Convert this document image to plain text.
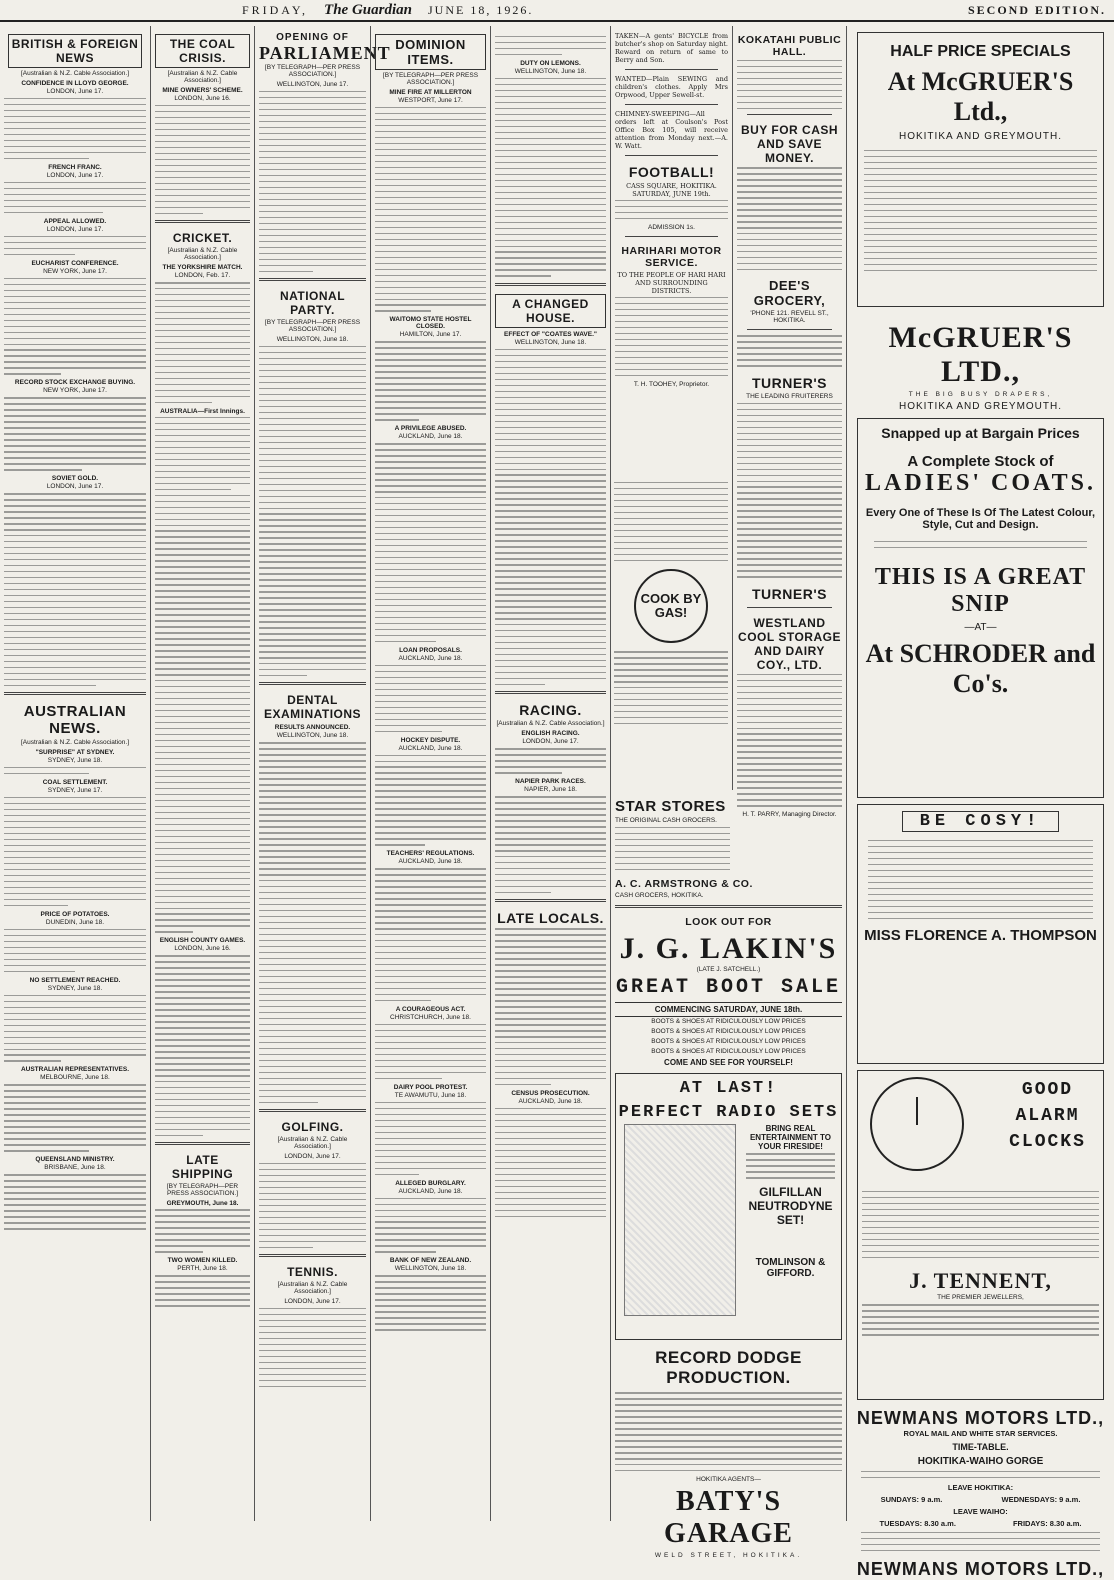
FRIDAY,	The Guardian	JUNE 18, 1926.	SECOND EDITION.
BRITISH & FOREIGN NEWS
[Australian & N.Z. Cable Association.]
CONFIDENCE IN LLOYD GEORGE.
LONDON, June 17.
FRENCH FRANC.
LONDON, June 17.
APPEAL ALLOWED.
LONDON, June 17.
EUCHARIST CONFERENCE.
NEW YORK, June 17.
RECORD STOCK EXCHANGE BUYING.
NEW YORK, June 17.
SOVIET GOLD.
LONDON, June 17.
AUSTRALIAN NEWS.
[Australian & N.Z. Cable Association.]
"SURPRISE" AT SYDNEY.
SYDNEY, June 18.
COAL SETTLEMENT.
SYDNEY, June 17.
PRICE OF POTATOES.
DUNEDIN, June 18.
NO SETTLEMENT REACHED.
SYDNEY, June 18.
AUSTRALIAN REPRESENTATIVES.
MELBOURNE, June 18.
QUEENSLAND MINISTRY.
BRISBANE, June 18.
THE COAL CRISIS.
[Australian & N.Z. Cable Association.]
MINE OWNERS' SCHEME.
LONDON, June 16.
CRICKET.
[Australian & N.Z. Cable Association.]
THE YORKSHIRE MATCH.
LONDON, Feb. 17.
AUSTRALIA—First Innings.
ENGLISH COUNTY GAMES.
LONDON, June 16.
LATE SHIPPING
[BY TELEGRAPH—PER PRESS ASSOCIATION.]
GREYMOUTH, June 18.
TWO WOMEN KILLED.
PERTH, June 18.
OPENING OF
PARLIAMENT
[BY TELEGRAPH—PER PRESS ASSOCIATION.]
WELLINGTON, June 17.
NATIONAL PARTY.
[BY TELEGRAPH—PER PRESS ASSOCIATION.]
WELLINGTON, June 18.
DENTAL EXAMINATIONS
RESULTS ANNOUNCED.
WELLINGTON, June 18.
GOLFING.
[Australian & N.Z. Cable Association.]
LONDON, June 17.
TENNIS.
[Australian & N.Z. Cable Association.]
LONDON, June 17.
DOMINION ITEMS.
[BY TELEGRAPH—PER PRESS ASSOCIATION.]
MINE FIRE AT MILLERTON
WESTPORT, June 17.
WAITOMO STATE HOSTEL CLOSED.
HAMILTON, June 17.
A PRIVILEGE ABUSED.
AUCKLAND, June 18.
LOAN PROPOSALS.
AUCKLAND, June 18.
HOCKEY DISPUTE.
AUCKLAND, June 18.
TEACHERS' REGULATIONS.
AUCKLAND, June 18.
A COURAGEOUS ACT.
CHRISTCHURCH, June 18.
DAIRY POOL PROTEST.
TE AWAMUTU, June 18.
ALLEGED BURGLARY.
AUCKLAND, June 18.
BANK OF NEW ZEALAND.
WELLINGTON, June 18.
DUTY ON LEMONS.
WELLINGTON, June 18.
A CHANGED HOUSE.
EFFECT OF "COATES WAVE."
WELLINGTON, June 18.
RACING.
[Australian & N.Z. Cable Association.]
ENGLISH RACING.
LONDON, June 17.
NAPIER PARK RACES.
NAPIER, June 18.
LATE LOCALS.
CENSUS PROSECUTION.
AUCKLAND, June 18.

TAKEN—A gents' BICYCLE from butcher's shop on Saturday night. Reward on return of same to Berry and Son.

WANTED—Plain SEWING and children's clothes. Apply Mrs Orpwood, Upper Sewell-st.

CHIMNEY-SWEEPING—All orders left at Coulson's Post Office Box 105, will receive attention from Monday next.—A. W. Watt.

FOOTBALL!

CASS SQUARE, HOKITIKA. SATURDAY, JUNE 19th.

ADMISSION 1s.
HARIHARI MOTOR SERVICE.

TO THE PEOPLE OF HARI HARI AND SURROUNDING DISTRICTS.

T. H. TOOHEY, Proprietor.
COOK BY GAS!
STAR STORES
THE ORIGINAL CASH GROCERS.
A. C. ARMSTRONG & CO.
CASH GROCERS, HOKITIKA.
LOOK OUT FOR
J. G. LAKIN'S
(LATE J. SATCHELL.)
GREAT BOOT SALE
COMMENCING SATURDAY, JUNE 18th.
BOOTS & SHOES AT RIDICULOUSLY LOW PRICES
BOOTS & SHOES AT RIDICULOUSLY LOW PRICES
BOOTS & SHOES AT RIDICULOUSLY LOW PRICES
BOOTS & SHOES AT RIDICULOUSLY LOW PRICES
COME AND SEE FOR YOURSELF!
AT LAST!
PERFECT RADIO SETS
BRING REAL ENTERTAINMENT TO YOUR FIRESIDE!
GILFILLAN NEUTRODYNE SET!
TOMLINSON & GIFFORD.
RECORD DODGE PRODUCTION.
HOKITIKA AGENTS—
BATY'S GARAGE
WELD STREET, HOKITIKA.
KOKATAHI PUBLIC HALL.
BUY FOR CASH AND SAVE MONEY.
DEE'S GROCERY,
'PHONE 121. REVELL ST., HOKITIKA.
TURNER'S
THE LEADING FRUITERERS
TURNER'S
WESTLAND COOL STORAGE AND DAIRY COY., LTD.
H. T. PARRY, Managing Director.
HALF PRICE SPECIALS
At McGRUER'S Ltd.,
HOKITIKA AND GREYMOUTH.
McGRUER'S LTD.,
THE BIG BUSY DRAPERS,
HOKITIKA AND GREYMOUTH.
Snapped up at Bargain Prices
A Complete Stock of
LADIES' COATS.
Every One of These Is Of The Latest Colour, Style, Cut and Design.
THIS IS A GREAT SNIP
—AT—
At SCHRODER and Co's.
BE COSY!
MISS FLORENCE A. THOMPSON
GOOD ALARM CLOCKS
J. TENNENT,
THE PREMIER JEWELLERS,
NEWMANS MOTORS LTD.,
ROYAL MAIL AND WHITE STAR SERVICES.
TIME-TABLE.
HOKITIKA-WAIHO GORGE
LEAVE HOKITIKA:
SUNDAYS: 9 a.m.	WEDNESDAYS: 9 a.m.
LEAVE WAIHO:
TUESDAYS: 8.30 a.m.	FRIDAYS: 8.30 a.m.
NEWMANS MOTORS LTD.,
